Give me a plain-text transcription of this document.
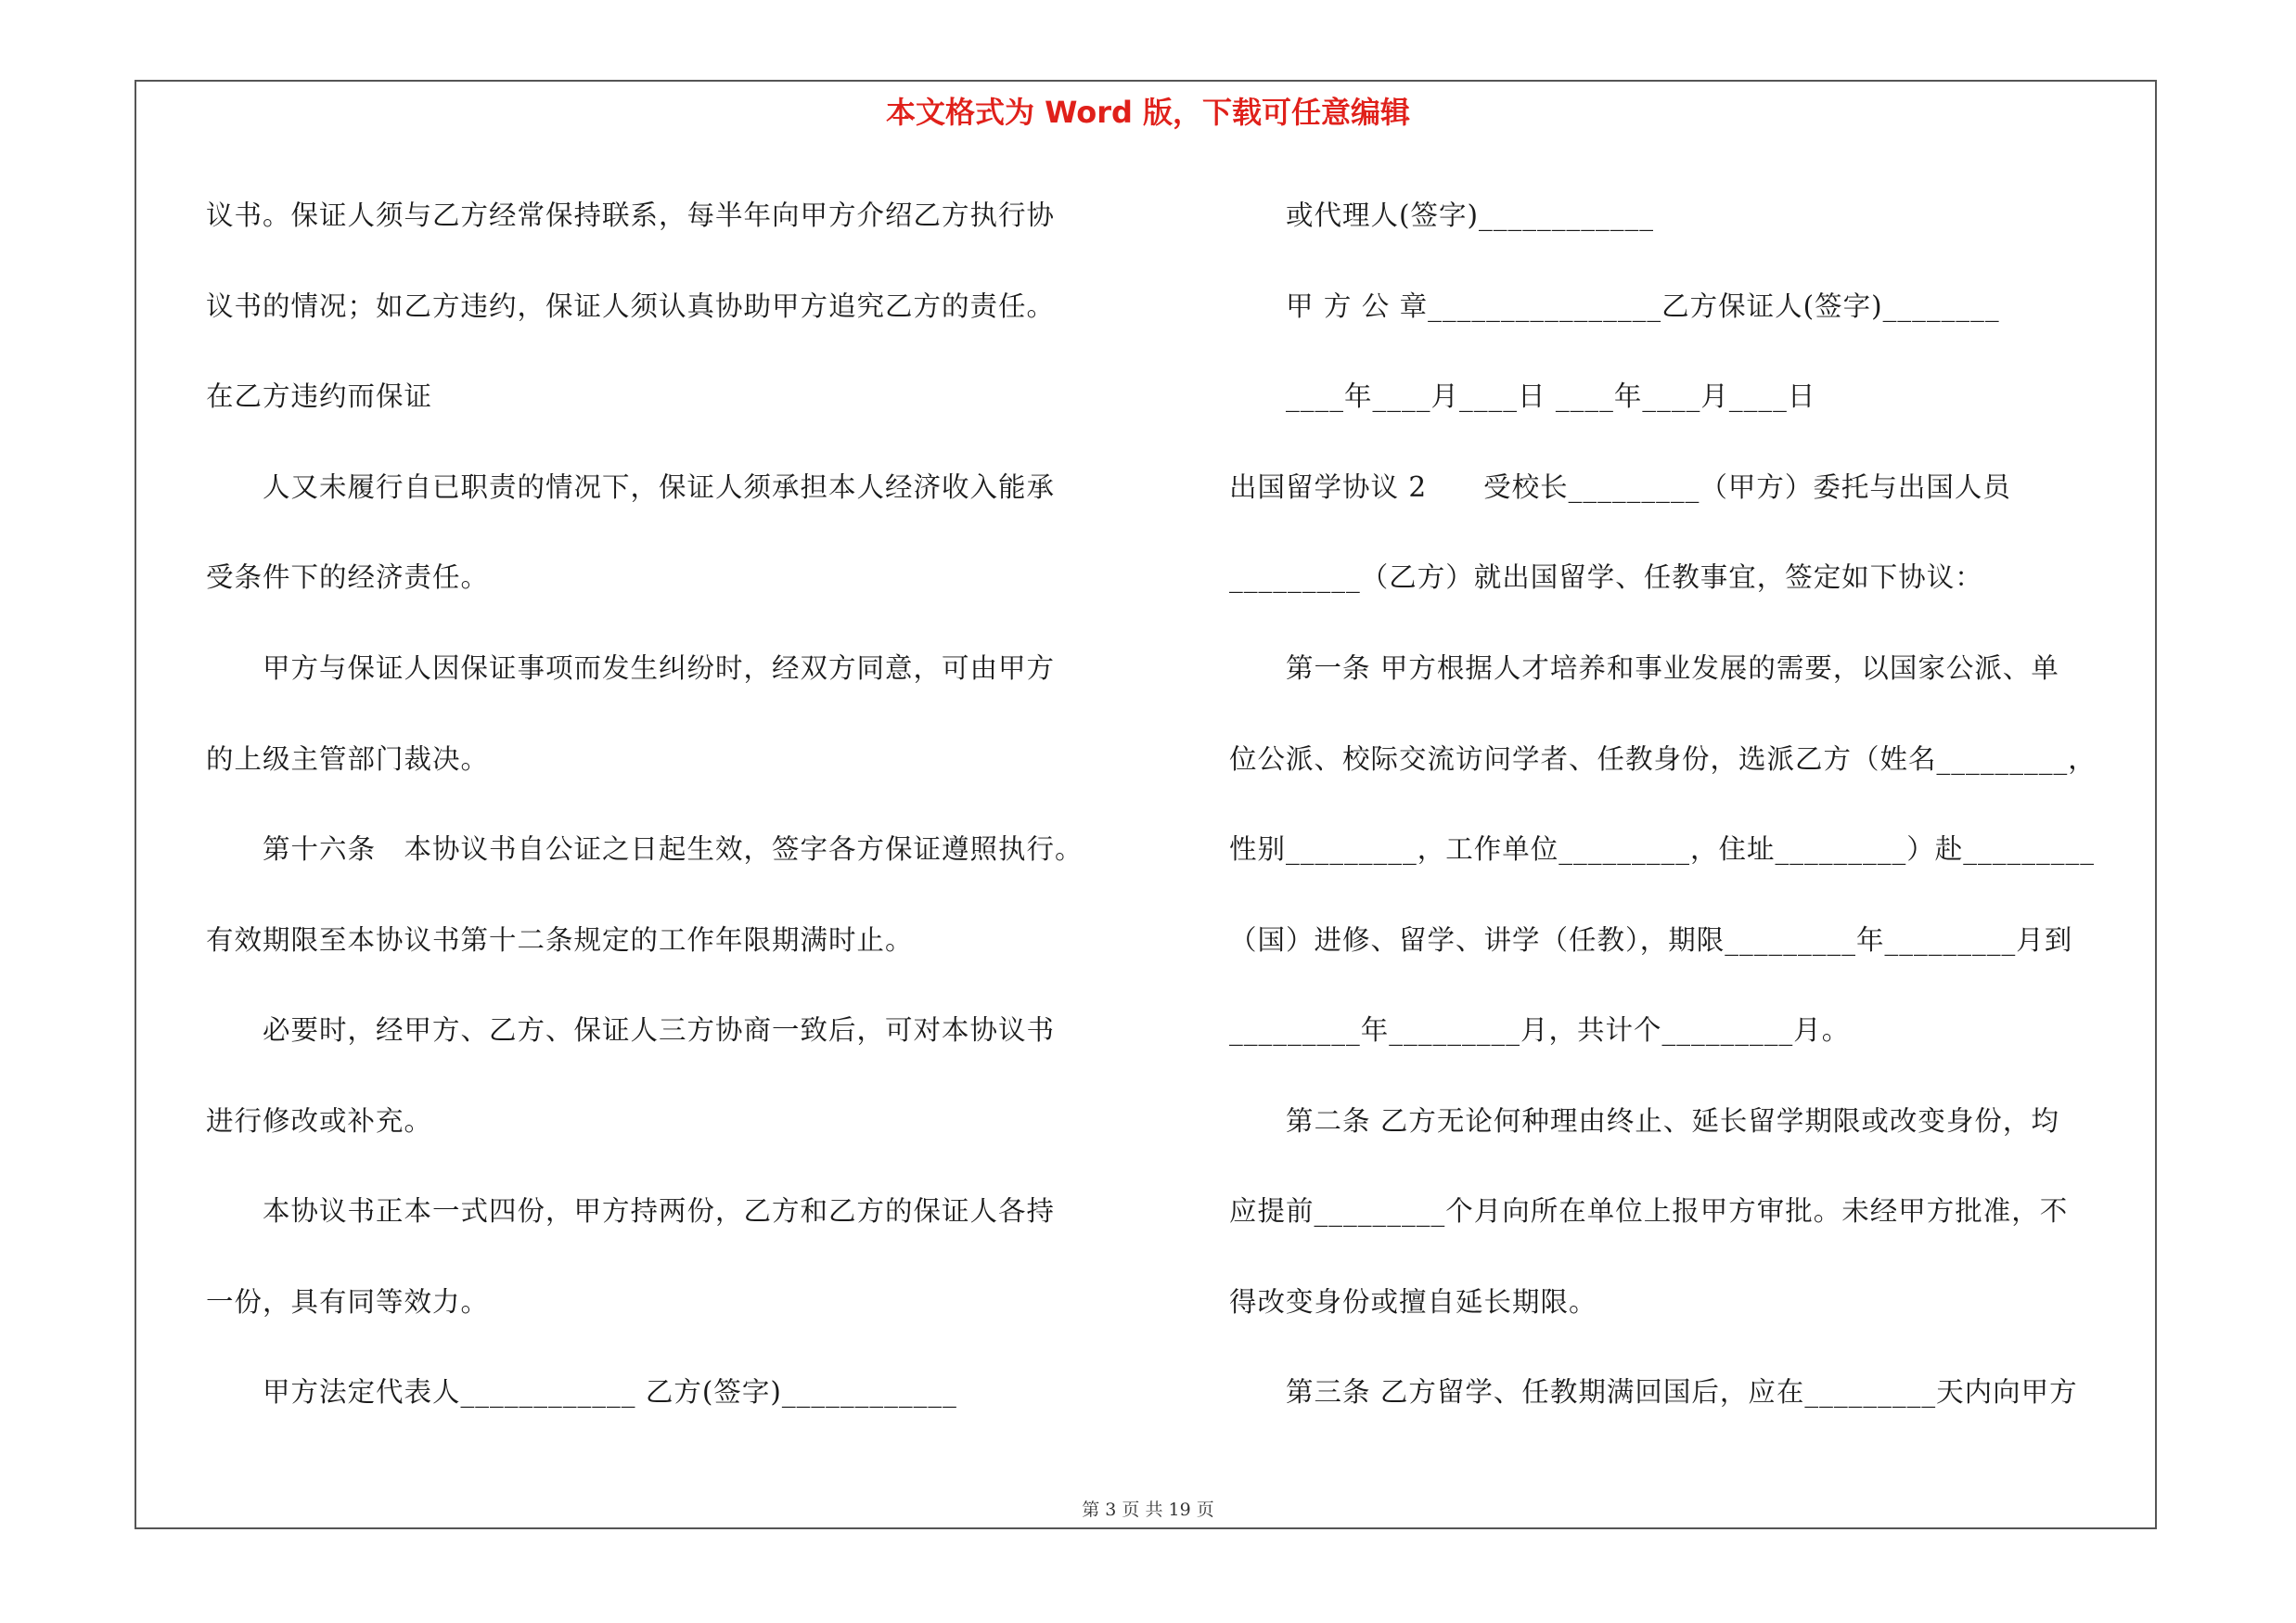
本文格式为 Word 版，下载可任意编辑
议书。保证人须与乙方经常保持联系，每半年向甲方介绍乙方执行协
议书的情况；如乙方违约，保证人须认真协助甲方追究乙方的责任。
在乙方违约而保证
　　人又未履行自已职责的情况下，保证人须承担本人经济收入能承
受条件下的经济责任。
　　甲方与保证人因保证事项而发生纠纷时，经双方同意，可由甲方
的上级主管部门裁决。
　　第十六条　本协议书自公证之日起生效，签字各方保证遵照执行。
有效期限至本协议书第十二条规定的工作年限期满时止。
　　必要时，经甲方、乙方、保证人三方协商一致后，可对本协议书
进行修改或补充。
　　本协议书正本一式四份，甲方持两份，乙方和乙方的保证人各持
一份，具有同等效力。
　　甲方法定代表人____________ 乙方(签字)____________
　　或代理人(签字)____________
　　甲 方 公 章________________乙方保证人(签字)________
　　____年____月____日 ____年____月____日
出国留学协议 2　　受校长_________（甲方）委托与出国人员
_________（乙方）就出国留学、任教事宜，签定如下协议：
　　第一条 甲方根据人才培养和事业发展的需要，以国家公派、单
位公派、校际交流访问学者、任教身份，选派乙方（姓名_________，
性别_________，工作单位_________，住址_________）赴_________
（国）进修、留学、讲学（任教），期限_________年_________月到
_________年_________月，共计个_________月。
　　第二条 乙方无论何种理由终止、延长留学期限或改变身份，均
应提前_________个月向所在单位上报甲方审批。未经甲方批准，不
得改变身份或擅自延长期限。
　　第三条 乙方留学、任教期满回国后，应在_________天内向甲方
第 3 页 共 19 页
